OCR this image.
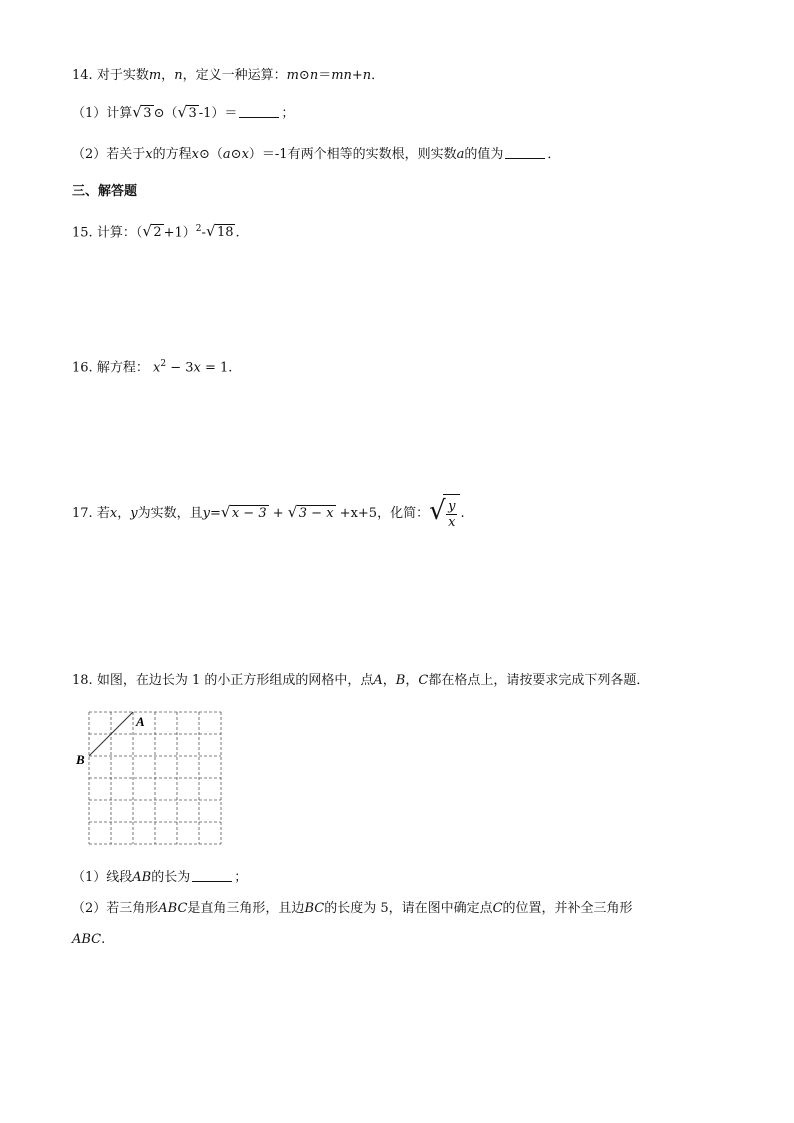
14. 对于实数m，n，定义一种运算：m⊙n＝mn+n．
（1）计算 √ 3 ⊙（ √ 3 -1）＝	；
（2）若关于x的方程x⊙（a⊙x）＝-1有两个相等的实数根，则实数a的值为	．
三、解答题
15. 计算：（ √ 2 +1）$^2$- √ 18 .
16. 解方程： $x^2 - 3x = 1$.
17. 若x，y为实数，且y= √ x − 3 + √ 3 − x +x+5，化简： √ $\frac{y}{x}$ .
18. 如图，在边长为 1 的小正方形组成的网格中，点A，B，C都在格点上，请按要求完成下列各题．
A
B
（1）线段AB的长为	；
（2）若三角形ABC是直角三角形，且边BC的长度为 5，请在图中确定点C的位置，并补全三角形
ABC.
